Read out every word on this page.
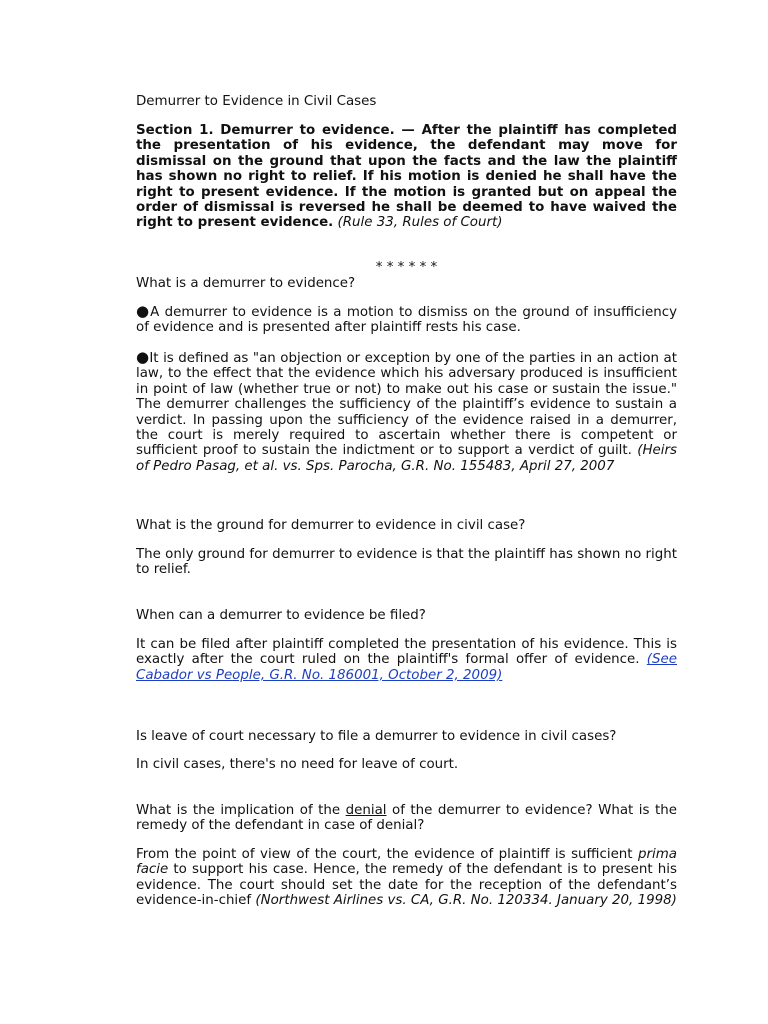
Demurrer to Evidence in Civil Cases
Section 1. Demurrer to evidence. — After the plaintiff has completed the presentation of his evidence, the defendant may move for dismissal on the ground that upon the facts and the law the plaintiff has shown no right to relief. If his motion is denied he shall have the right to present evidence. If the motion is granted but on appeal the order of dismissal is reversed he shall be deemed to have waived the right to present evidence. (Rule 33, Rules of Court)
* * * * * *
What is a demurrer to evidence?
●A demurrer to evidence is a motion to dismiss on the ground of insufficiency of evidence and is presented after plaintiff rests his case.
●It is defined as "an objection or exception by one of the parties in an action at law, to the effect that the evidence which his adversary produced is insufficient in point of law (whether true or not) to make out his case or sustain the issue." The demurrer challenges the sufficiency of the plaintiff’s evidence to sustain a verdict. In passing upon the sufficiency of the evidence raised in a demurrer, the court is merely required to ascertain whether there is competent or sufficient proof to sustain the indictment or to support a verdict of guilt. (Heirs of Pedro Pasag, et al. vs. Sps. Parocha, G.R. No. 155483, April 27, 2007
What is the ground for demurrer to evidence in civil case?
The only ground for demurrer to evidence is that the plaintiff has shown no right to relief.
When can a demurrer to evidence be filed?
It can be filed after plaintiff completed the presentation of his evidence. This is exactly after the court ruled on the plaintiff's formal offer of evidence. (See Cabador vs People, G.R. No. 186001, October 2, 2009)
Is leave of court necessary to file a demurrer to evidence in civil cases?
In civil cases, there's no need for leave of court.
What is the implication of the denial of the demurrer to evidence? What is the remedy of the defendant in case of denial?
From the point of view of the court, the evidence of plaintiff is sufficient prima facie to support his case. Hence, the remedy of the defendant is to present his evidence. The court should set the date for the reception of the defendant’s evidence-in-chief (Northwest Airlines vs. CA, G.R. No. 120334. January 20, 1998)
